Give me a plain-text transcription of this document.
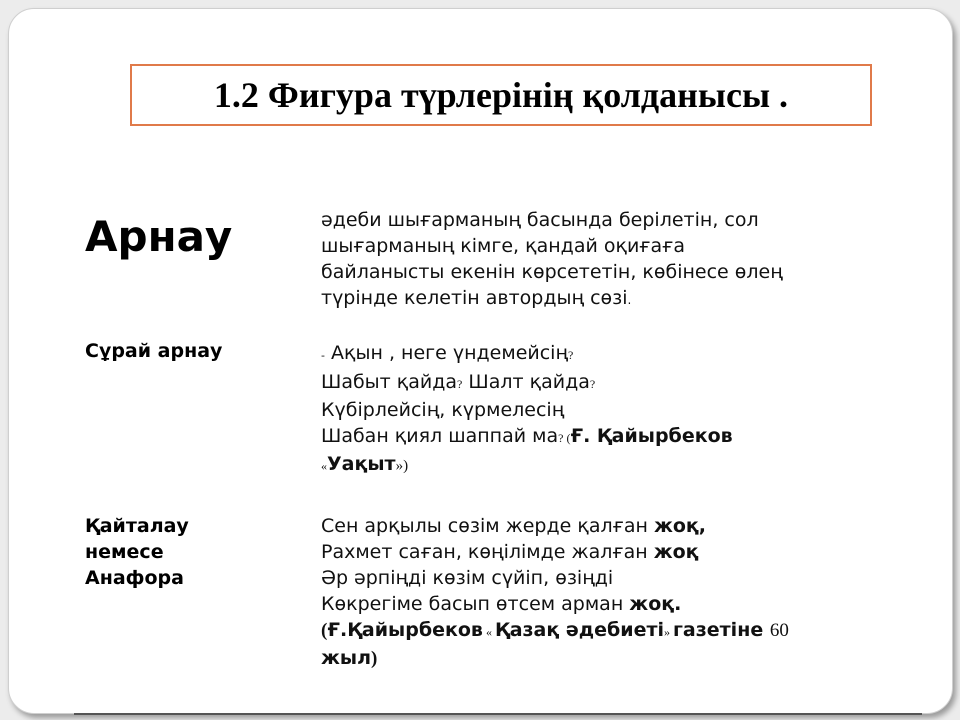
1.2 Фигура түрлерінің қолданысы .
Арнау	әдеби шығарманың басында берілетін, сол
шығарманың кімге, қандай оқиғаға
байланысты екенін көрсететін, көбінесе өлең
түрінде келетін автордың сөзі.
Сұрай арнау	- Ақын , неге үндемейсің?
Шабыт қайда? Шалт қайда?
Күбірлейсің, күрмелесің
Шабан қиял шаппай ма? (Ғ. Қайырбеков
«Уақыт»)
Қайталау
немесе
Анафора
Сен арқылы сөзім жерде қалған жоқ,
Рахмет саған, көңілімде жалған жоқ
Әр әрпіңді көзім сүйіп, өзіңді
Көкрегіме басып өтсем арман жоқ.
(Ғ.Қайырбеков « Қазақ әдебиеті» газетіне 60
жыл)
